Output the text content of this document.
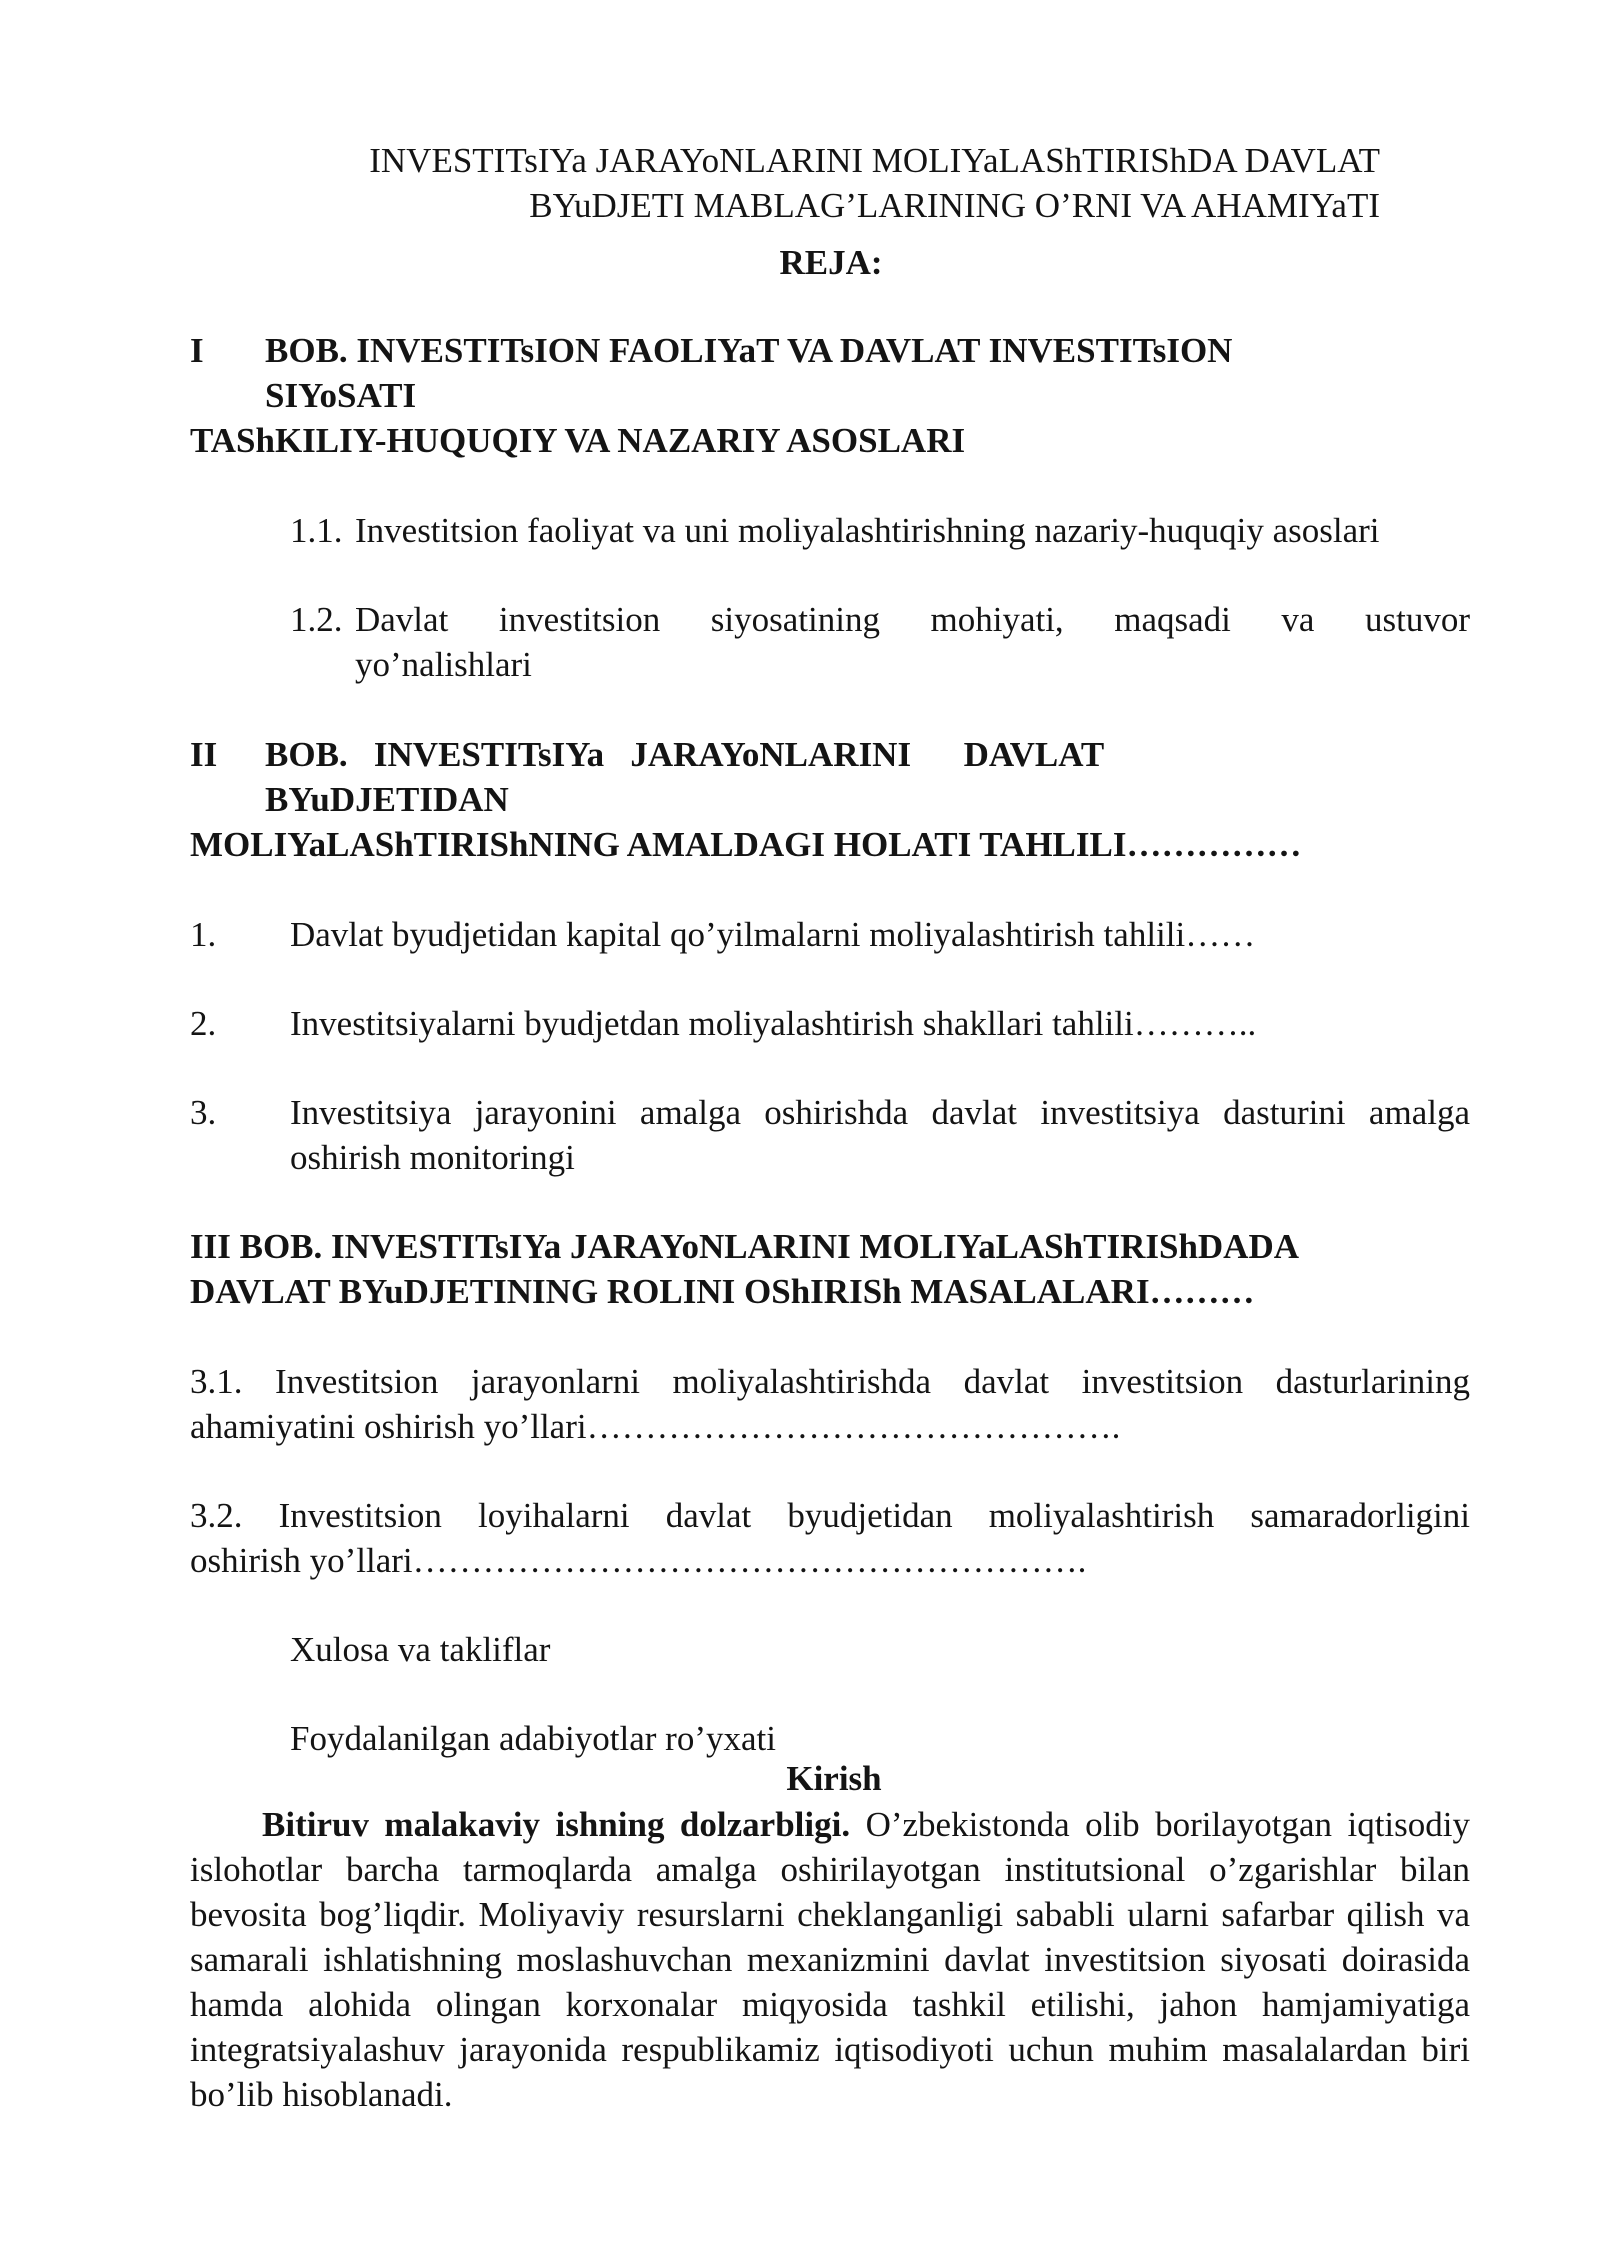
INVESTITsIYa JARAYoNLARINI MOLIYaLAShTIRIShDA DAVLAT
BYuDJETI MABLAG’LARINING O’RNI VA AHAMIYaTI
REJA:
I BOB. INVESTITsION FAOLIYaT VA DAVLAT INVESTITsION
SIYoSATI
TAShKILIY-HUQUQIY VA NAZARIY ASOSLARI
1.1. Investitsion faoliyat va uni moliyalashtirishning nazariy-huquqiy asoslari
1.2. Davlat investitsion siyosatining mohiyati, maqsadi va ustuvor
yo’nalishlari
II BOB.   INVESTITsIYa   JARAYoNLARINI      DAVLAT
BYuDJETIDAN
MOLIYaLAShTIRIShNING AMALDAGI HOLATI TAHLILI……………
1. Davlat byudjetidan kapital qo’yilmalarni moliyalashtirish tahlili……
2. Investitsiyalarni byudjetdan moliyalashtirish shakllari tahlili………..
3. Investitsiya jarayonini amalga oshirishda davlat investitsiya dasturini amalga
oshirish monitoringi
III BOB. INVESTITsIYa JARAYoNLARINI MOLIYaLAShTIRIShDADA
DAVLAT BYuDJETINING ROLINI OShIRISh MASALALARI………
3.1. Investitsion jarayonlarni moliyalashtirishda davlat investitsion dasturlarining
ahamiyatini oshirish yo’llari……………………………………….
3.2. Investitsion loyihalarni davlat byudjetidan moliyalashtirish samaradorligini
oshirish yo’llari………………………………………………….
Xulosa va takliflar
Foydalanilgan adabiyotlar ro’yxati
Kirish
Bitiruv malakaviy ishning dolzarbligi. O’zbekistonda olib borilayotgan iqtisodiy islohotlar barcha tarmoqlarda amalga oshirilayotgan institutsional o’zgarishlar bilan bevosita bog’liqdir. Moliyaviy resurslarni cheklanganligi sababli ularni safarbar qilish va samarali ishlatishning moslashuvchan mexanizmini davlat investitsion siyosati doirasida hamda alohida olingan korxonalar miqyosida tashkil etilishi, jahon hamjamiyatiga integratsiyalashuv jarayonida respublikamiz iqtisodiyoti uchun muhim masalalardan biri bo’lib hisoblanadi.
